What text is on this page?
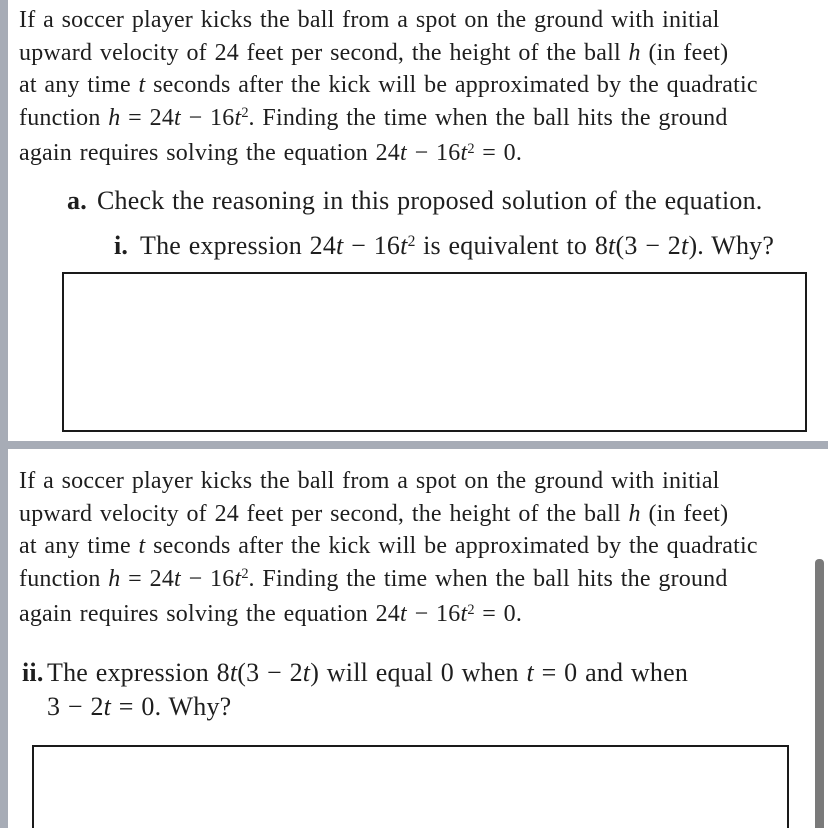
If a soccer player kicks the ball from a spot on the ground with initial
upward velocity of 24 feet per second, the height of the ball h (in feet)
at any time t seconds after the kick will be approximated by the quadratic
function $h = 24t - 16t^2$. Finding the time when the ball hits the ground
again requires solving the equation $24t - 16t^2 = 0$.
a. Check the reasoning in this proposed solution of the equation.
i. The expression $24t - 16t^2$ is equivalent to 8t(3 − 2t). Why?
If a soccer player kicks the ball from a spot on the ground with initial
upward velocity of 24 feet per second, the height of the ball h (in feet)
at any time t seconds after the kick will be approximated by the quadratic
function $h = 24t - 16t^2$. Finding the time when the ball hits the ground
again requires solving the equation $24t - 16t^2 = 0$.
ii. The expression 8t(3 − 2t) will equal 0 when t = 0 and when
3 − 2t = 0. Why?
